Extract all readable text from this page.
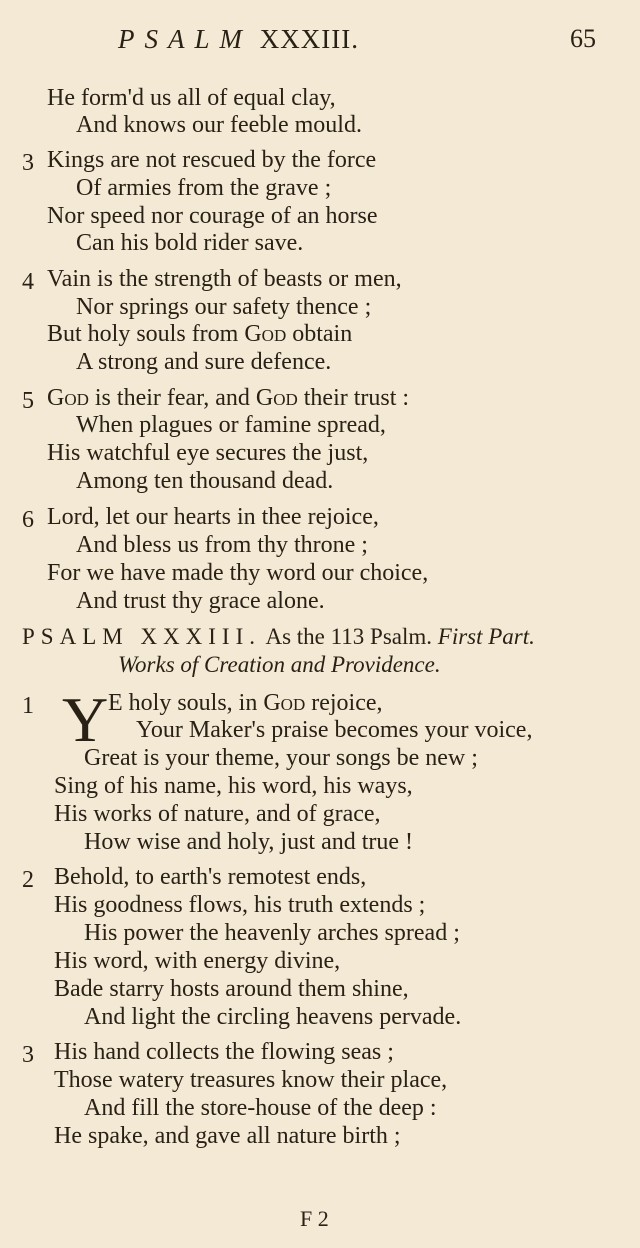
PSALM XXXIII.	65
He form'd us all of equal clay,
And knows our feeble mould.
3 Kings are not rescued by the force
Of armies from the grave ;
Nor speed nor courage of an horse
Can his bold rider save.
4 Vain is the strength of beasts or men,
Nor springs our safety thence ;
But holy souls from God obtain
A strong and sure defence.
5 God is their fear, and God their trust :
When plagues or famine spread,
His watchful eye secures the just,
Among ten thousand dead.
6 Lord, let our hearts in thee rejoice,
And bless us from thy throne ;
For we have made thy word our choice,
And trust thy grace alone.
PSALM XXXIII. As the 113 Psalm. First Part.
Works of Creation and Providence.
1 Y E holy souls, in God rejoice,
Your Maker's praise becomes your voice,
Great is your theme, your songs be new ;
Sing of his name, his word, his ways,
His works of nature, and of grace,
How wise and holy, just and true !
2 Behold, to earth's remotest ends,
His goodness flows, his truth extends ;
His power the heavenly arches spread ;
His word, with energy divine,
Bade starry hosts around them shine,
And light the circling heavens pervade.
3 His hand collects the flowing seas ;
Those watery treasures know their place,
And fill the store-house of the deep :
He spake, and gave all nature birth ;
F 2
